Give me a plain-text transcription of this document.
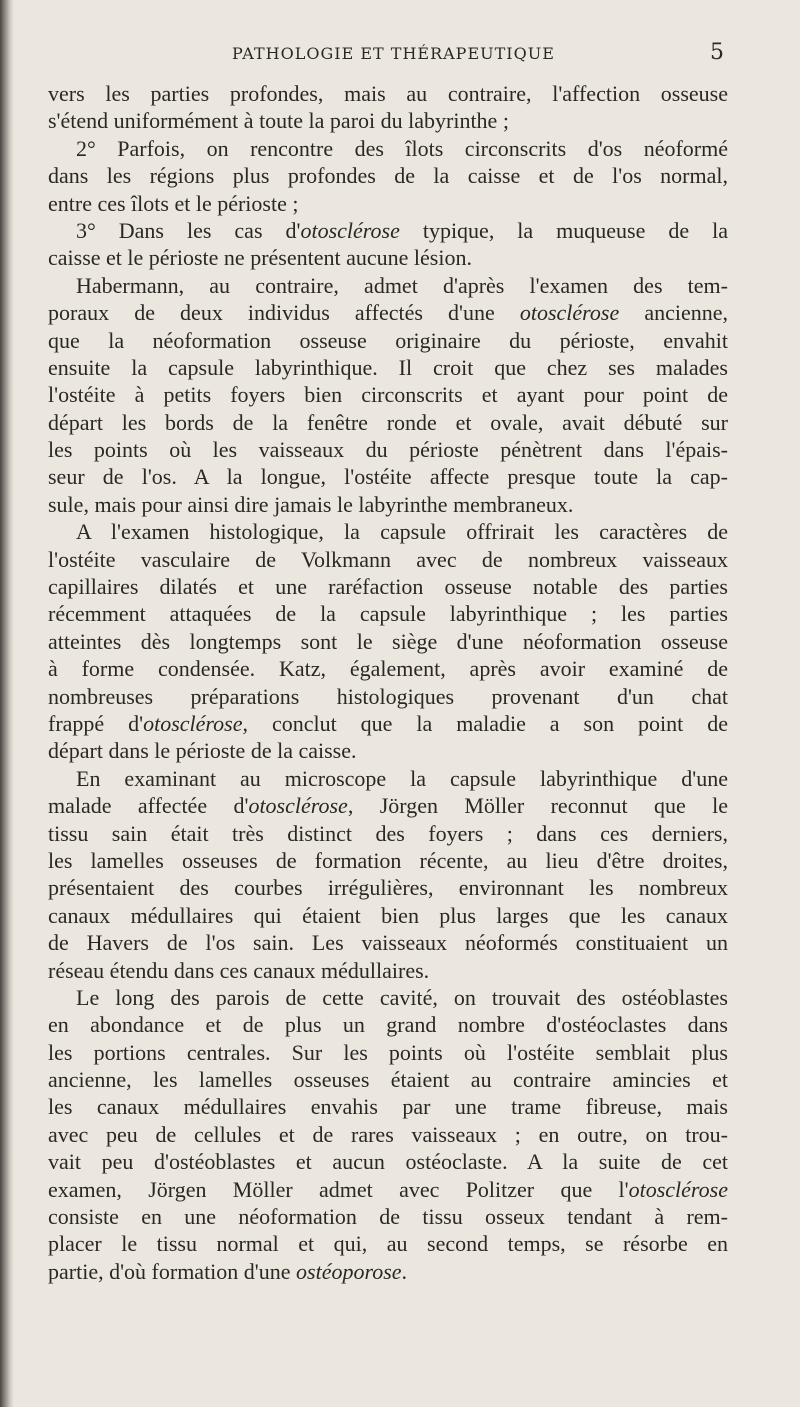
PATHOLOGIE ET THÉRAPEUTIQUE	5
vers les parties profondes, mais au contraire, l'affection osseuse
s'étend uniformément à toute la paroi du labyrinthe ;
2° Parfois, on rencontre des îlots circonscrits d'os néoformé
dans les régions plus profondes de la caisse et de l'os normal,
entre ces îlots et le périoste ;
3° Dans les cas d'otosclérose typique, la muqueuse de la
caisse et le périoste ne présentent aucune lésion.
Habermann, au contraire, admet d'après l'examen des tem-
poraux de deux individus affectés d'une otosclérose ancienne,
que la néoformation osseuse originaire du périoste, envahit
ensuite la capsule labyrinthique. Il croit que chez ses malades
l'ostéite à petits foyers bien circonscrits et ayant pour point de
départ les bords de la fenêtre ronde et ovale, avait débuté sur
les points où les vaisseaux du périoste pénètrent dans l'épais-
seur de l'os. A la longue, l'ostéite affecte presque toute la cap-
sule, mais pour ainsi dire jamais le labyrinthe membraneux.
A l'examen histologique, la capsule offrirait les caractères de
l'ostéite vasculaire de Volkmann avec de nombreux vaisseaux
capillaires dilatés et une raréfaction osseuse notable des parties
récemment attaquées de la capsule labyrinthique ; les parties
atteintes dès longtemps sont le siège d'une néoformation osseuse
à forme condensée. Katz, également, après avoir examiné de
nombreuses préparations histologiques provenant d'un chat
frappé d'otosclérose, conclut que la maladie a son point de
départ dans le périoste de la caisse.
En examinant au microscope la capsule labyrinthique d'une
malade affectée d'otosclérose, Jörgen Möller reconnut que le
tissu sain était très distinct des foyers ; dans ces derniers,
les lamelles osseuses de formation récente, au lieu d'être droites,
présentaient des courbes irrégulières, environnant les nombreux
canaux médullaires qui étaient bien plus larges que les canaux
de Havers de l'os sain. Les vaisseaux néoformés constituaient un
réseau étendu dans ces canaux médullaires.
Le long des parois de cette cavité, on trouvait des ostéoblastes
en abondance et de plus un grand nombre d'ostéoclastes dans
les portions centrales. Sur les points où l'ostéite semblait plus
ancienne, les lamelles osseuses étaient au contraire amincies et
les canaux médullaires envahis par une trame fibreuse, mais
avec peu de cellules et de rares vaisseaux ; en outre, on trou-
vait peu d'ostéoblastes et aucun ostéoclaste. A la suite de cet
examen, Jörgen Möller admet avec Politzer que l'otosclérose
consiste en une néoformation de tissu osseux tendant à rem-
placer le tissu normal et qui, au second temps, se résorbe en
partie, d'où formation d'une ostéoporose.
